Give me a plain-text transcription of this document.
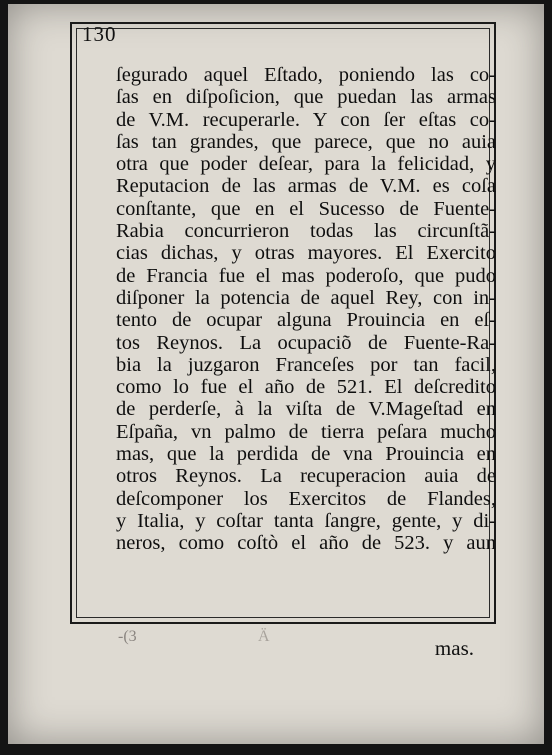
130
ſegurado aquel Eſtado, poniendo las co-
ſas en diſpoſicion, que puedan las armas
de V.M. recuperarle. Y con ſer eſtas co-
ſas tan grandes, que parece, que no auia
otra que poder deſear, para la felicidad, y
Reputacion de las armas de V.M. es coſa
conſtante, que en el Sucesso de Fuente-
Rabia concurrieron todas las circunſtã-
cias dichas, y otras mayores. El Exercito
de Francia fue el mas poderoſo, que pudo
diſponer la potencia de aquel Rey, con in-
tento de ocupar alguna Prouincia en eſ-
tos Reynos. La ocupaciõ de Fuente-Ra-
bia la juzgaron Franceſes por tan facil,
como lo fue el año de 521. El deſcredito
de perderſe, à la viſta de V.Mageſtad en
Eſpaña, vn palmo de tierra peſara mucho
mas, que la perdida de vna Prouincia en
otros Reynos. La recuperacion auia de
deſcomponer los Exercitos de Flandes,
y Italia, y coſtar tanta ſangre, gente, y di-
neros, como coſtò el año de 523. y aun
-(3	Ä	mas.
